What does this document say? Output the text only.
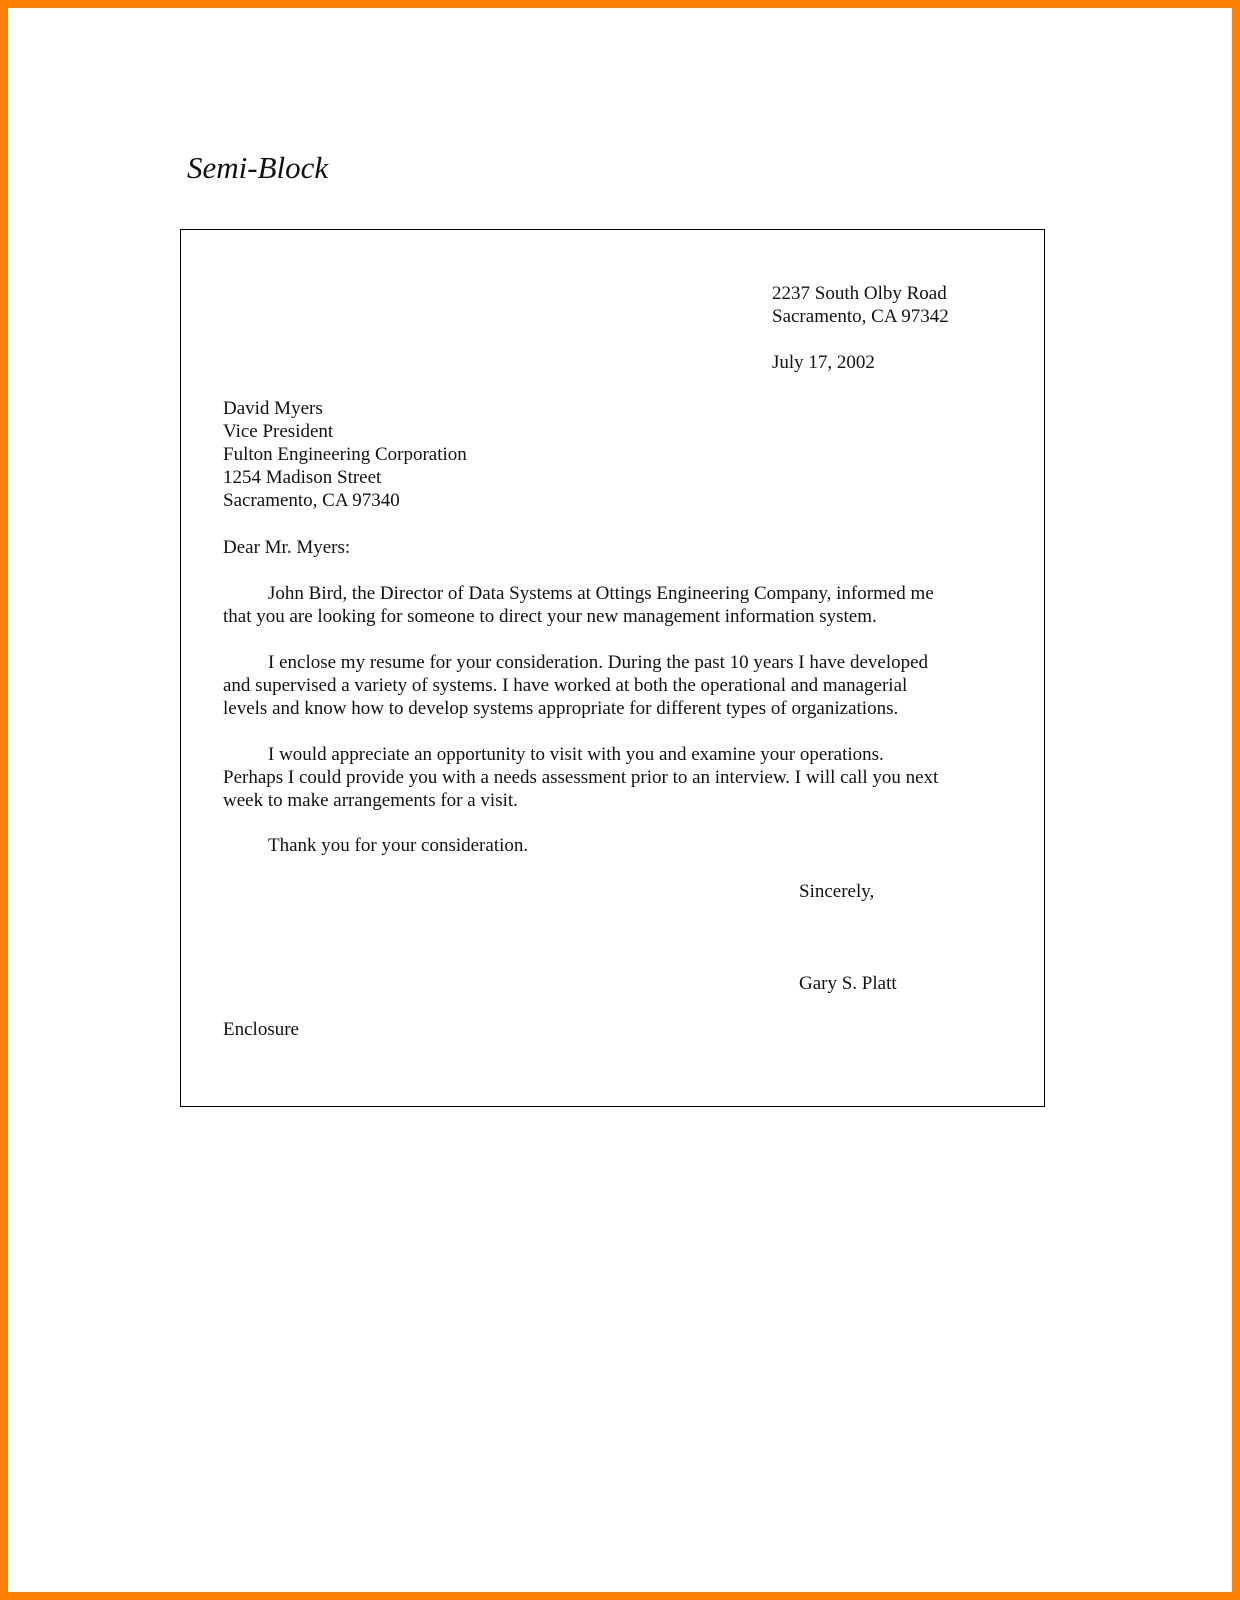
Semi-Block
2237 South Olby Road
Sacramento, CA 97342
July 17, 2002
David Myers
Vice President
Fulton Engineering Corporation
1254 Madison Street
Sacramento, CA 97340
Dear Mr. Myers:
John Bird, the Director of Data Systems at Ottings Engineering Company, informed me
that you are looking for someone to direct your new management information system.
I enclose my resume for your consideration. During the past 10 years I have developed
and supervised a variety of systems. I have worked at both the operational and managerial
levels and know how to develop systems appropriate for different types of organizations.
I would appreciate an opportunity to visit with you and examine your operations.
Perhaps I could provide you with a needs assessment prior to an interview. I will call you next
week to make arrangements for a visit.
Thank you for your consideration.
Sincerely,
Gary S. Platt
Enclosure
